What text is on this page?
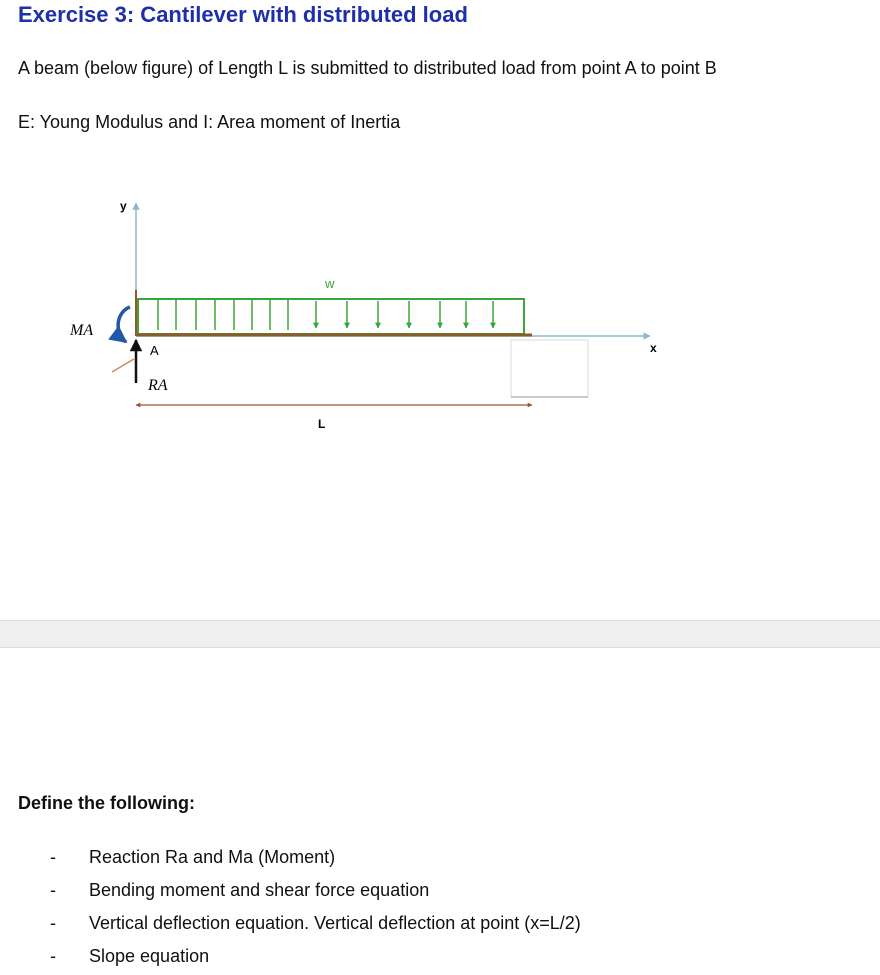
Exercise 3: Cantilever with distributed load
A beam (below figure) of Length L is submitted to distributed load from point A to point B
E: Young Modulus and I: Area moment of Inertia
y
x
w
MA
A
RA
L
Define the following:
- Reaction Ra and Ma (Moment)
- Bending moment and shear force equation
- Vertical deflection equation. Vertical deflection at point (x=L/2)
- Slope equation
